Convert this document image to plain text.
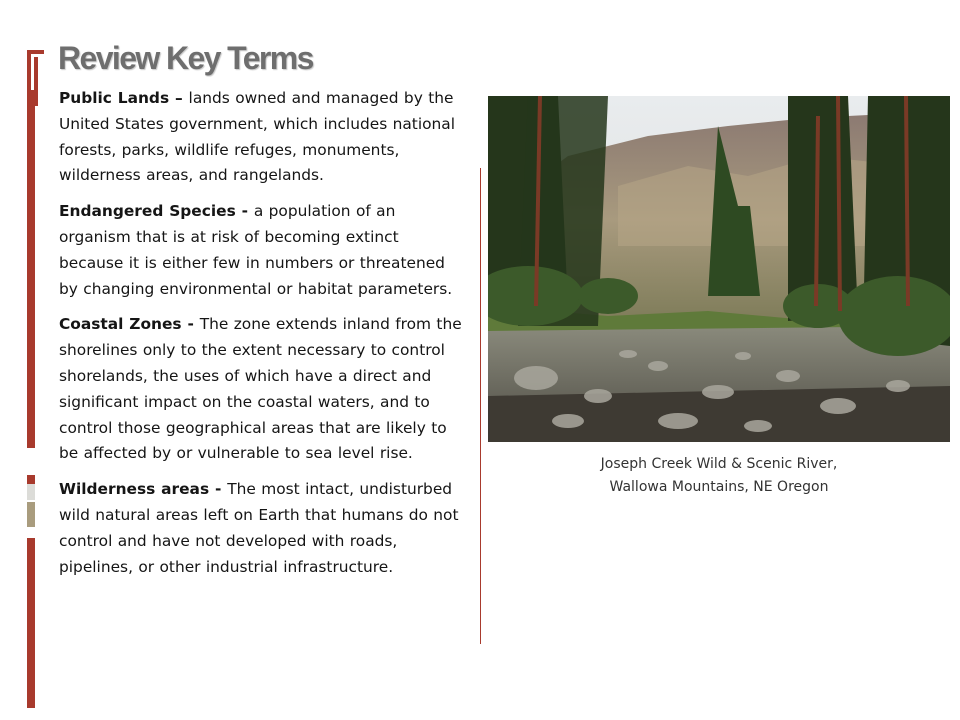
Review Key Terms

Public Lands – lands owned and managed by the United States government, which includes national forests, parks, wildlife refuges, monuments, wilderness areas, and rangelands.

Endangered Species - a population of an organism that is at risk of becoming extinct because it is either few in numbers or threatened by changing environmental or habitat parameters.

Coastal Zones - The zone extends inland from the shorelines only to the extent necessary to control shorelands, the uses of which have a direct and significant impact on the coastal waters, and to control those geographical areas that are likely to be affected by or vulnerable to sea level rise.

Wilderness areas - The most intact, undisturbed wild natural areas left on Earth that humans do not control and have not developed with roads, pipelines, or other industrial infrastructure.

Joseph Creek Wild & Scenic River,
Wallowa Mountains, NE Oregon
